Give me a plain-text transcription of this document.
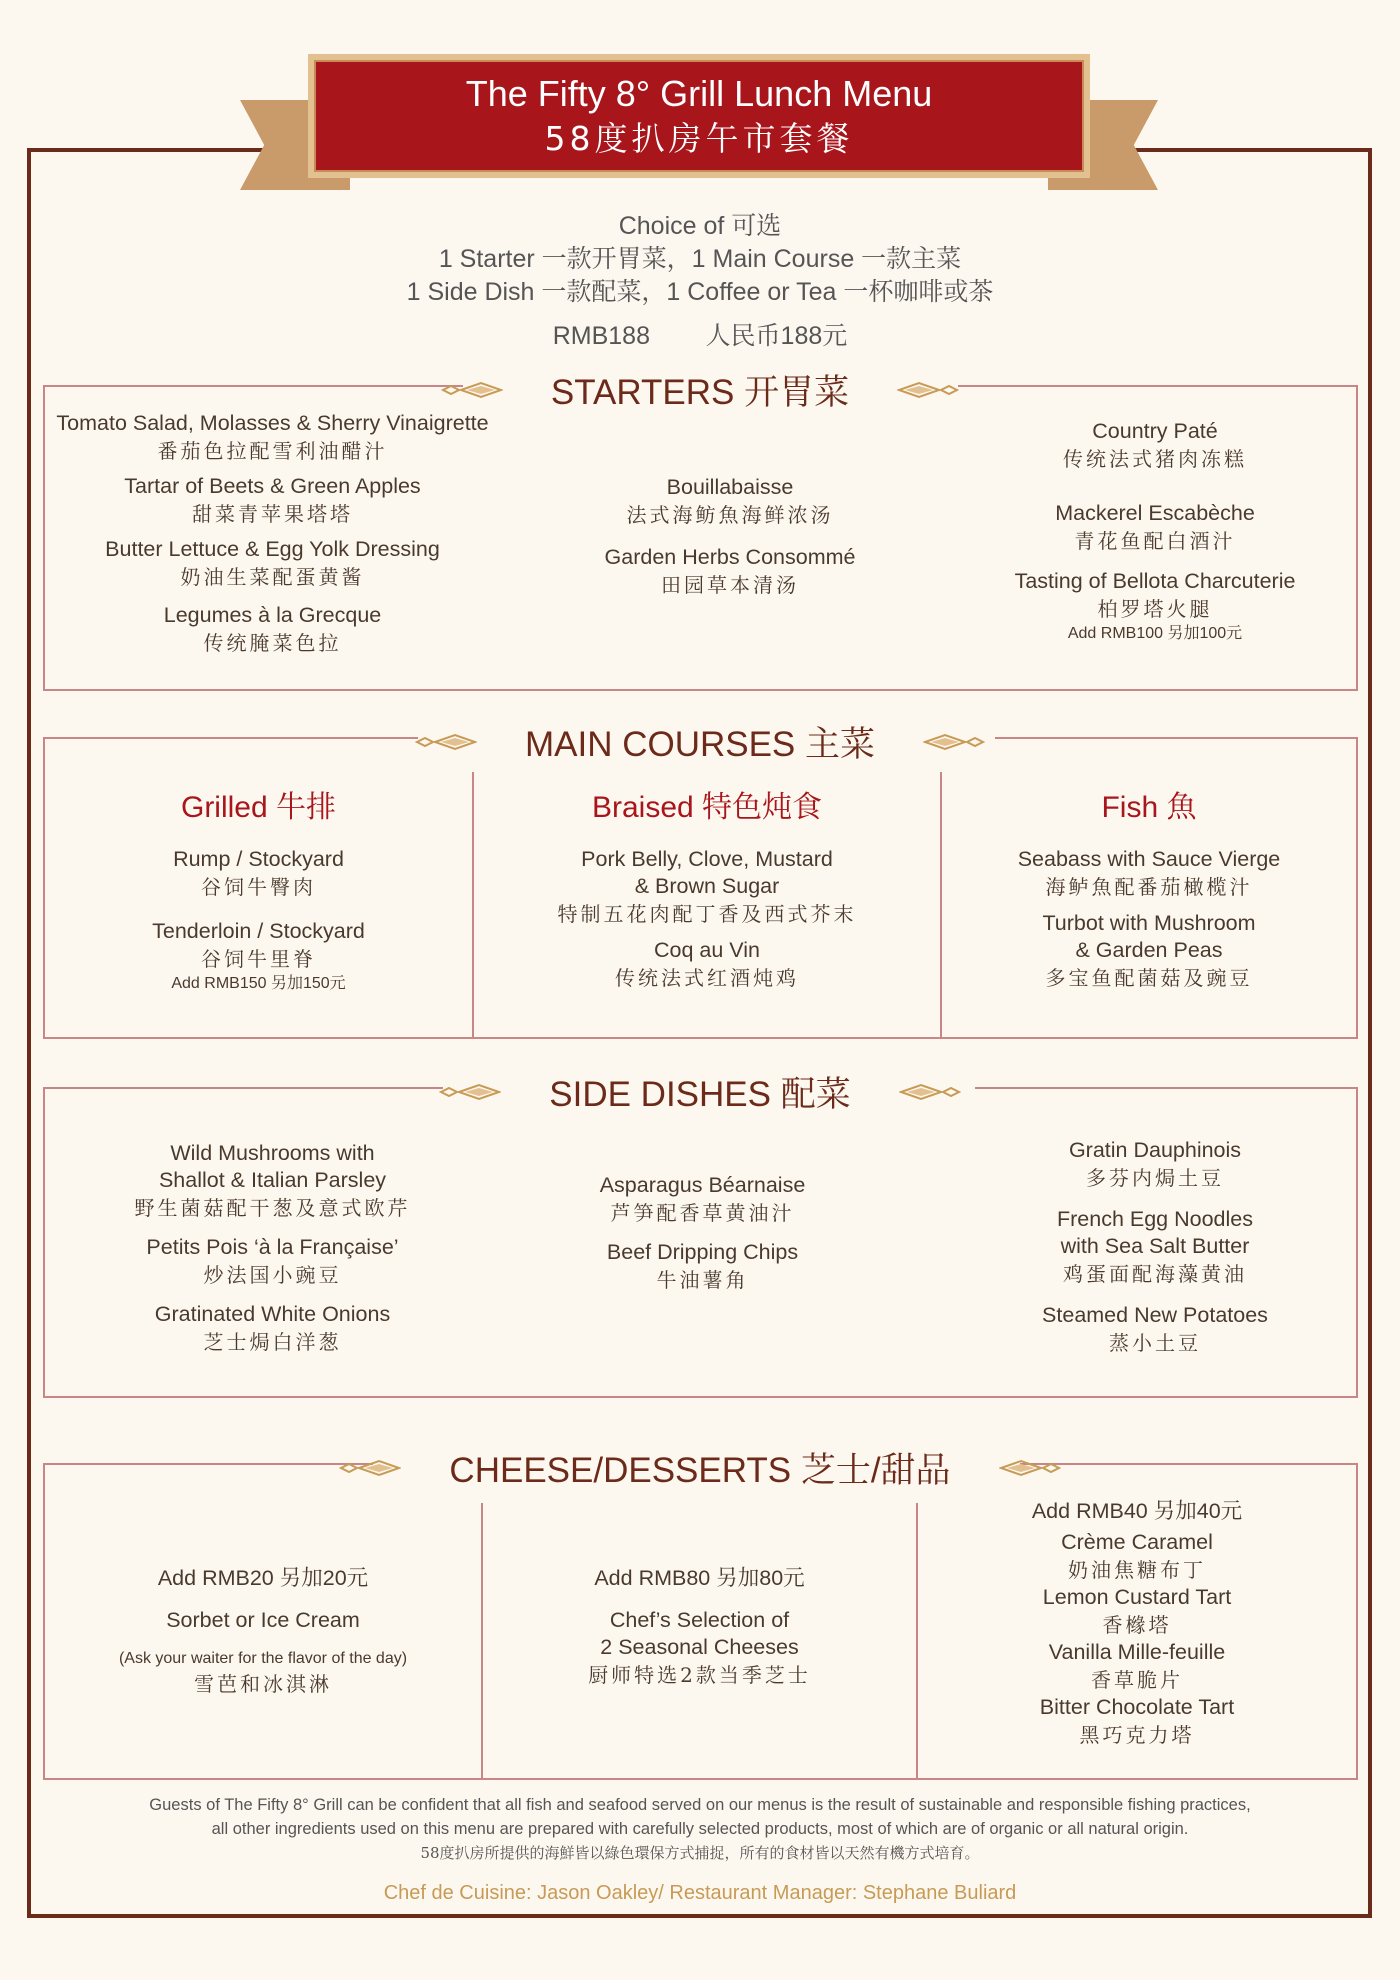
The Fifty 8° Grill Lunch Menu
58度扒房午市套餐
Choice of 可选
1 Starter 一款开胃菜，1 Main Course 一款主菜
1 Side Dish 一款配菜，1 Coffee or Tea 一杯咖啡或茶
RMB188        人民币188元
STARTERS 开胃菜
Tomato Salad, Molasses & Sherry Vinaigrette
番茄色拉配雪利油醋汁
Tartar of Beets & Green Apples
甜菜青苹果塔塔
Butter Lettuce & Egg Yolk Dressing
奶油生菜配蛋黄酱
Legumes à la Grecque
传统腌菜色拉
Bouillabaisse
法式海鲂魚海鲜浓汤
Garden Herbs Consommé
田园草本清汤
Country Paté
传统法式猪肉冻糕
Mackerel Escabèche
青花鱼配白酒汁
Tasting of Bellota Charcuterie
柏罗塔火腿
Add RMB100 另加100元
MAIN COURSES 主菜
Grilled 牛排
Rump / Stockyard
谷饲牛臀肉
Tenderloin / Stockyard
谷饲牛里脊
Add RMB150 另加150元
Braised 特色炖食
Pork Belly, Clove, Mustard
& Brown Sugar
特制五花肉配丁香及西式芥末
Coq au Vin
传统法式红酒炖鸡
Fish 魚
Seabass with Sauce Vierge
海鲈魚配番茄橄榄汁
Turbot with Mushroom
& Garden Peas
多宝鱼配菌菇及豌豆
SIDE DISHES 配菜
Wild Mushrooms with
Shallot & Italian Parsley
野生菌菇配干葱及意式欧芹
Petits Pois ‘à la Française’
炒法国小豌豆
Gratinated White Onions
芝士焗白洋葱
Asparagus Béarnaise
芦笋配香草黄油汁
Beef Dripping Chips
牛油薯角
Gratin Dauphinois
多芬内焗土豆
French Egg Noodles
with Sea Salt Butter
鸡蛋面配海藻黄油
Steamed New Potatoes
蒸小土豆
CHEESE/DESSERTS 芝士/甜品
Add RMB20 另加20元
Sorbet or Ice Cream
(Ask your waiter for the flavor of the day)
雪芭和冰淇淋
Add RMB80 另加80元
Chef’s Selection of
2 Seasonal Cheeses
厨师特选2款当季芝士
Add RMB40 另加40元
Crème Caramel
奶油焦糖布丁
Lemon Custard Tart
香橼塔
Vanilla Mille-feuille
香草脆片
Bitter Chocolate Tart
黑巧克力塔
Guests of The Fifty 8° Grill can be confident that all fish and seafood served on our menus is the result of sustainable and responsible fishing practices,
all other ingredients used on this menu are prepared with carefully selected products, most of which are of organic or all natural origin.
58度扒房所提供的海鮮皆以綠色環保方式捕捉，所有的食材皆以天然有機方式培育。
Chef de Cuisine: Jason Oakley/ Restaurant Manager: Stephane Buliard
